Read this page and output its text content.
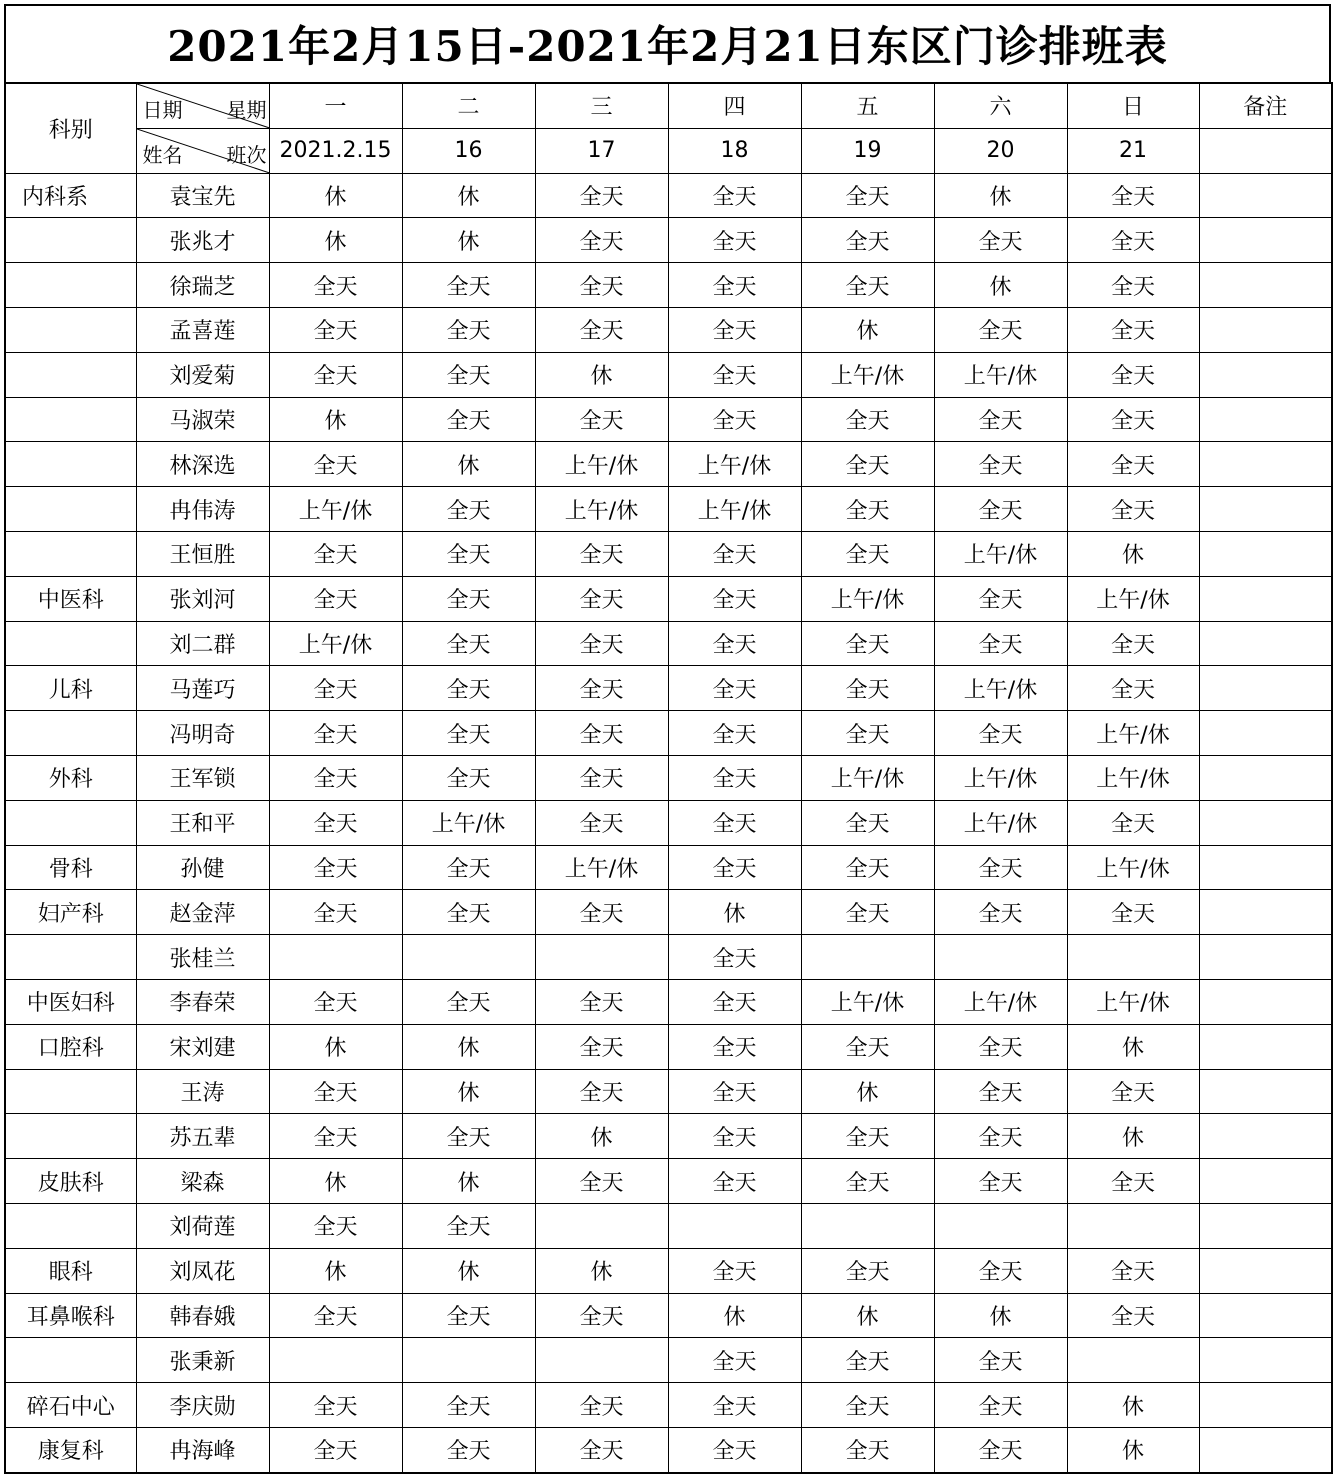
2021年2月15日-2021年2月21日东区门诊排班表
科别	日期 星期	一	二	三	四	五	六	日	备注

	姓名 班次	2021.2.15	16	17	18	19	20	21	
内科系	袁宝先	休	休	全天	全天	全天	休	全天	
	张兆才	休	休	全天	全天	全天	全天	全天	
	徐瑞芝	全天	全天	全天	全天	全天	休	全天	
	孟喜莲	全天	全天	全天	全天	休	全天	全天	
	刘爱菊	全天	全天	休	全天	上午/休	上午/休	全天	
	马淑荣	休	全天	全天	全天	全天	全天	全天	
	林深选	全天	休	上午/休	上午/休	全天	全天	全天	
	冉伟涛	上午/休	全天	上午/休	上午/休	全天	全天	全天	
	王恒胜	全天	全天	全天	全天	全天	上午/休	休	
中医科	张刘河	全天	全天	全天	全天	上午/休	全天	上午/休	
	刘二群	上午/休	全天	全天	全天	全天	全天	全天	
儿科	马莲巧	全天	全天	全天	全天	全天	上午/休	全天	
	冯明奇	全天	全天	全天	全天	全天	全天	上午/休	
外科	王军锁	全天	全天	全天	全天	上午/休	上午/休	上午/休	
	王和平	全天	上午/休	全天	全天	全天	上午/休	全天	
骨科	孙健	全天	全天	上午/休	全天	全天	全天	上午/休	
妇产科	赵金萍	全天	全天	全天	休	全天	全天	全天	
	张桂兰				全天				
中医妇科	李春荣	全天	全天	全天	全天	上午/休	上午/休	上午/休	
口腔科	宋刘建	休	休	全天	全天	全天	全天	休	
	王涛	全天	休	全天	全天	休	全天	全天	
	苏五辈	全天	全天	休	全天	全天	全天	休	
皮肤科	梁森	休	休	全天	全天	全天	全天	全天	
	刘荷莲	全天	全天						
眼科	刘凤花	休	休	休	全天	全天	全天	全天	
耳鼻喉科	韩春娥	全天	全天	全天	休	休	休	全天	
	张秉新				全天	全天	全天		
碎石中心	李庆勋	全天	全天	全天	全天	全天	全天	休	
康复科	冉海峰	全天	全天	全天	全天	全天	全天	休	
